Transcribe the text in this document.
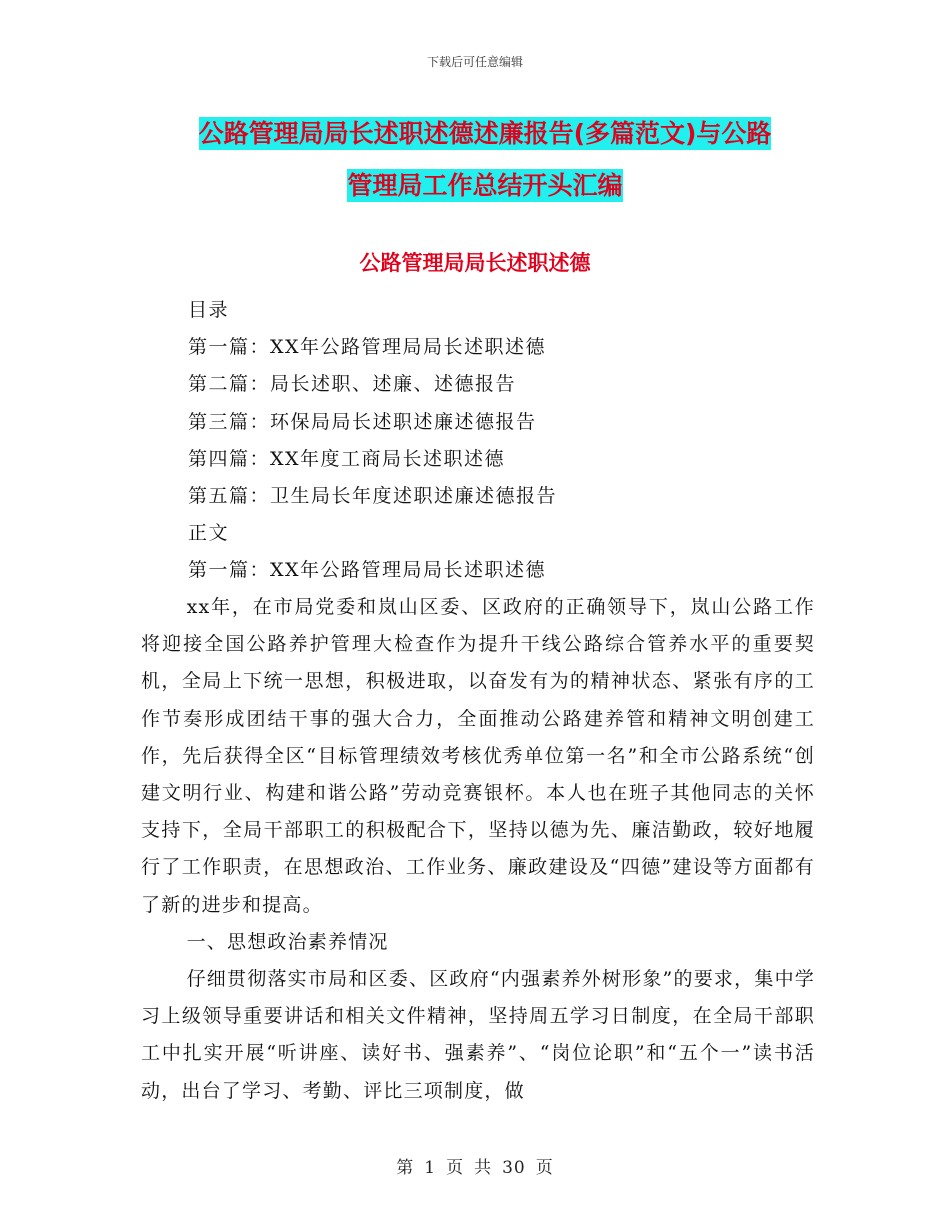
下载后可任意编辑
公路管理局局长述职述德述廉报告(多篇范文)与公路
管理局工作总结开头汇编
公路管理局局长述职述德
目录
第一篇：XX年公路管理局局长述职述德
第二篇：局长述职、述廉、述德报告
第三篇：环保局局长述职述廉述德报告
第四篇：XX年度工商局长述职述德
第五篇：卫生局长年度述职述廉述德报告
正文
第一篇：XX年公路管理局局长述职述德

xx年，在市局党委和岚山区委、区政府的正确领导下，岚山公路工作将迎接全国公路养护管理大检查作为提升干线公路综合管养水平的重要契机，全局上下统一思想，积极进取，以奋发有为的精神状态、紧张有序的工作节奏形成团结干事的强大合力，全面推动公路建养管和精神文明创建工作，先后获得全区“目标管理绩效考核优秀单位第一名”和全市公路系统“创建文明行业、构建和谐公路”劳动竞赛银杯。本人也在班子其他同志的关怀支持下，全局干部职工的积极配合下，坚持以德为先、廉洁勤政，较好地履行了工作职责，在思想政治、工作业务、廉政建设及“四德”建设等方面都有了新的进步和提高。

一、思想政治素养情况

仔细贯彻落实市局和区委、区政府“内强素养外树形象”的要求，集中学习上级领导重要讲话和相关文件精神，坚持周五学习日制度，在全局干部职工中扎实开展“听讲座、读好书、强素养”、“岗位论职”和“五个一”读书活动，出台了学习、考勤、评比三项制度，做

第 1 页 共 30 页
